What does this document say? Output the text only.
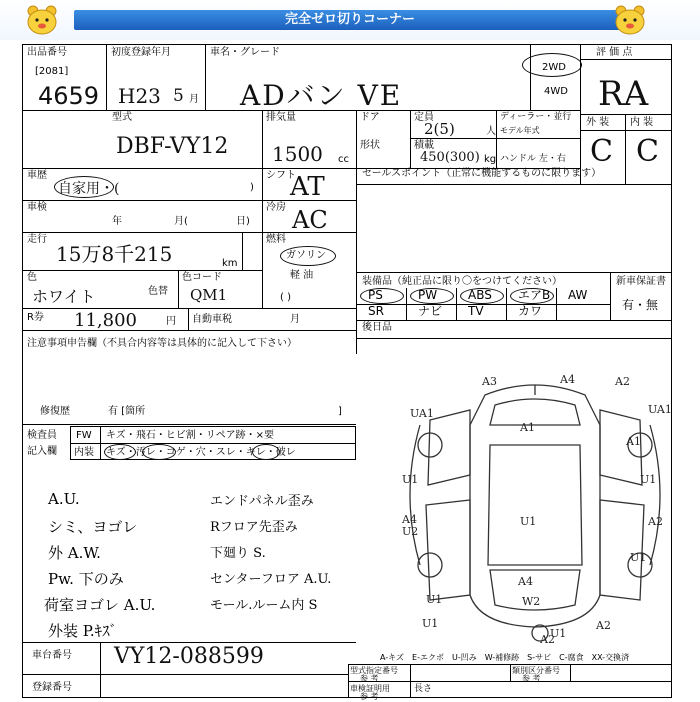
完全ゼロ切りコーナー
出品番号
[2081]
4659
初度登録年月
H23 5 月
車名・グレード
ADバン VE
2WD
4WD
評 価 点
RA
型式
DBF-VY12
排気量
1500 cc
ドア
形状
定員
2(5)	人
積載
450(300) kg
ディーラー・並行
モデル年式
ハンドル 左・右
外 装 内 装
C C
車歴
自家用・(	)
車検
年	月(	日)
走行
15万8千215	km
色
ホワイト	色替
色コード
QM1
シフト
AT
冷房 AC
燃料
ガソリン
軽 油
( )
セールスポイント（正常に機能するものに限ります）
装備品（純正品に限り〇をつけてください）	新車保証書
有・無
PS	PW	ABS エアB AW
SR	ナビ TV	カワ
後日品
R券 11,800	円 自動車税	月
注意事項申告欄（不具合内容等は具体的に記入して下さい）
修復歴	有 [箇所	]
検査員
記入欄
FW キズ・飛石・ヒビ割・リペア跡・×要
内装 キズ・汚レ・コゲ・穴・スレ・キレ・破レ
A.U.
シミ、ヨゴレ
外 A.W.
Pw. 下のみ
荷室ヨゴレ A.U.
外装 P.ｷｽﾞ
エンドパネル歪み
Rフロア先歪み
下廻り S.
センターフロア A.U.
モール.ルーム内 S
A3	A4	A2
UA1	UA1
A1
A1
U1	U1
A4
U2
A2
U1
U1
U1
A4
W2
A2
U1
A2
U1
A-キズ　E-エクボ　U-凹み　W-補修跡　S-サビ　C-腐食　XX-交換済
車台番号 VY12-088599
登録番号
型式指定番号
参 考
類別区分番号
参 考
車検証明用
参 考
長さ
